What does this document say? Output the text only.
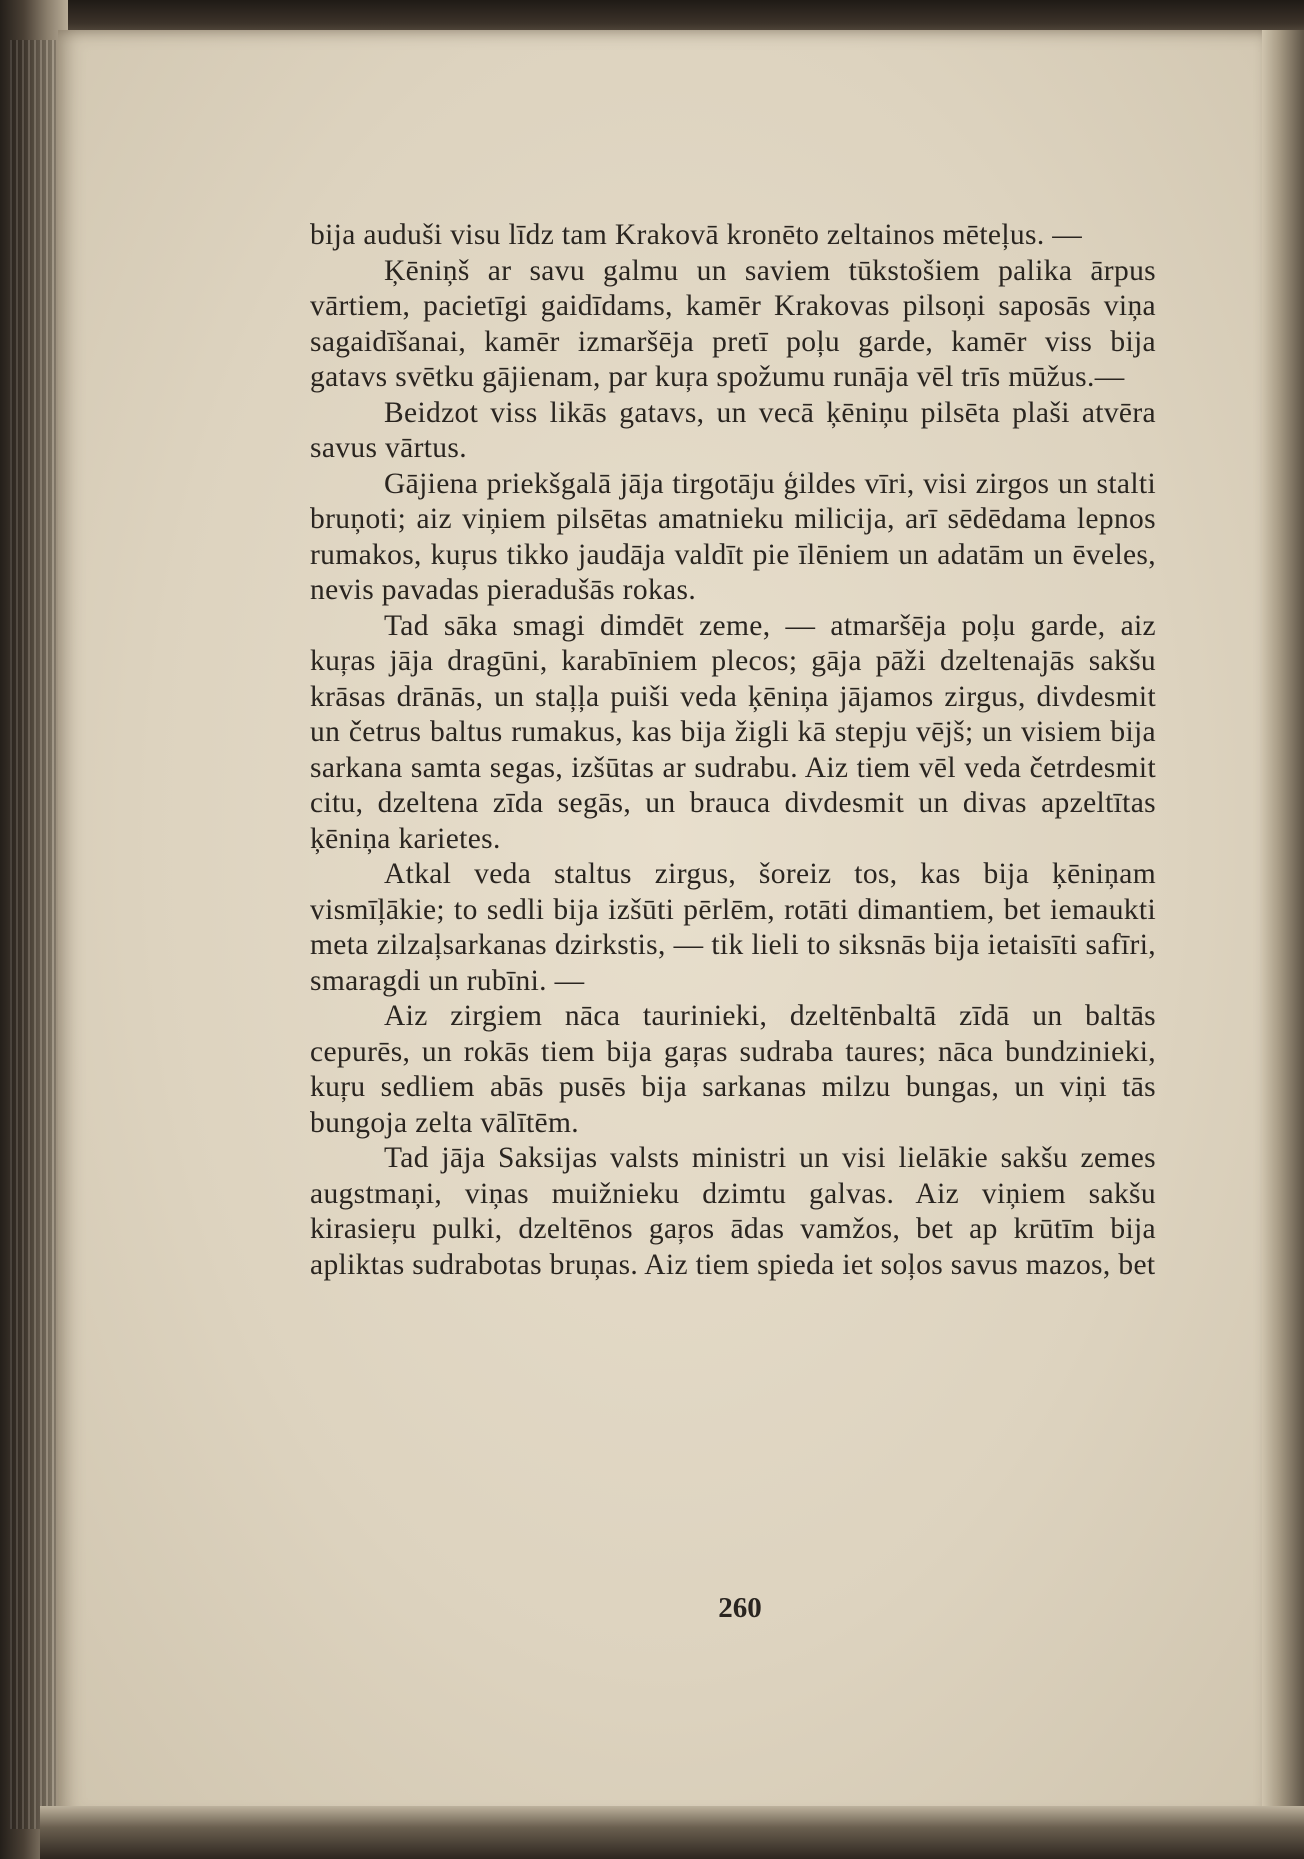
bija auduši visu līdz tam Krakovā kronēto zeltainos mēteļus. —

Ķēniņš ar savu galmu un saviem tūkstošiem palika ārpus vārtiem, pacietīgi gaidīdams, kamēr Krakovas pilsoņi saposās viņa sagaidīšanai, kamēr izmaršēja pretī poļu garde, kamēr viss bija gatavs svētku gājienam, par kuŗa spožumu runāja vēl trīs mūžus.—

Beidzot viss likās gatavs, un vecā ķēniņu pilsēta plaši atvēra savus vārtus.

Gājiena priekšgalā jāja tirgotāju ģildes vīri, visi zirgos un stalti bruņoti; aiz viņiem pilsētas amatnieku milicija, arī sēdēdama lepnos rumakos, kuŗus tikko jaudāja valdīt pie īlēniem un adatām un ēveles, nevis pavadas pieradušās rokas.

Tad sāka smagi dimdēt zeme, — atmaršēja poļu garde, aiz kuŗas jāja dragūni, karabīniem plecos; gāja pāži dzeltenajās sakšu krāsas drānās, un staļļa puiši veda ķēniņa jājamos zirgus, divdesmit un četrus baltus rumakus, kas bija žigli kā stepju vējš; un visiem bija sarkana samta segas, izšūtas ar sudrabu. Aiz tiem vēl veda četrdesmit citu, dzeltena zīda segās, un brauca divdesmit un divas apzeltītas ķēniņa karietes.

Atkal veda staltus zirgus, šoreiz tos, kas bija ķēniņam vismīļākie; to sedli bija izšūti pērlēm, rotāti dimantiem, bet iemaukti meta zilzaļsarkanas dzirkstis, — tik lieli to siksnās bija ietaisīti safīri, smaragdi un rubīni. —

Aiz zirgiem nāca taurinieki, dzeltēnbaltā zīdā un baltās cepurēs, un rokās tiem bija gaŗas sudraba taures; nāca bundzinieki, kuŗu sedliem abās pusēs bija sarkanas milzu bungas, un viņi tās bungoja zelta vālītēm.

Tad jāja Saksijas valsts ministri un visi lielākie sakšu zemes augstmaņi, viņas muižnieku dzimtu galvas. Aiz viņiem sakšu kirasieŗu pulki, dzeltēnos gaŗos ādas vamžos, bet ap krūtīm bija apliktas sudrabotas bruņas. Aiz tiem spieda iet soļos savus mazos, bet

260
